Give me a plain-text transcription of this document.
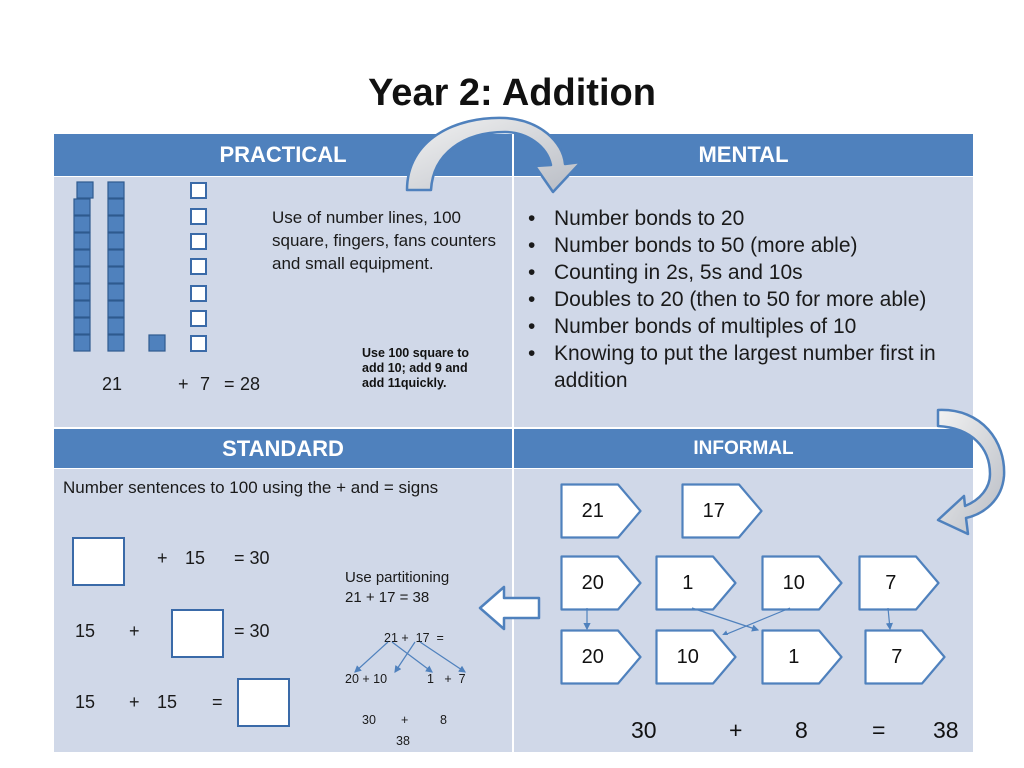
Year 2: Addition
PRACTICAL	MENTAL
STANDARD	INFORMAL
Use of number lines, 100 square, fingers, fans counters and small equipment.
Use 100 square to add 10; add 9 and add 11quickly.
21	+ 7 = 28
• Number bonds to 20
• Number bonds to 50 (more able)
• Counting in 2s, 5s and 10s
• Doubles to 20 (then to 50 for more able)
• Number bonds of multiples of 10
• Knowing to put the largest number first in addition
Number sentences to 100 using the + and = signs
+ 15 = 30
15 +	= 30
15 + 15 =
Use partitioning
21 + 17 = 38
21 +  17  =
20 + 10	1   +  7
30 +	8
38
21	17
20	1	10	7
20	10	1	7
30	+ 8	= 38
